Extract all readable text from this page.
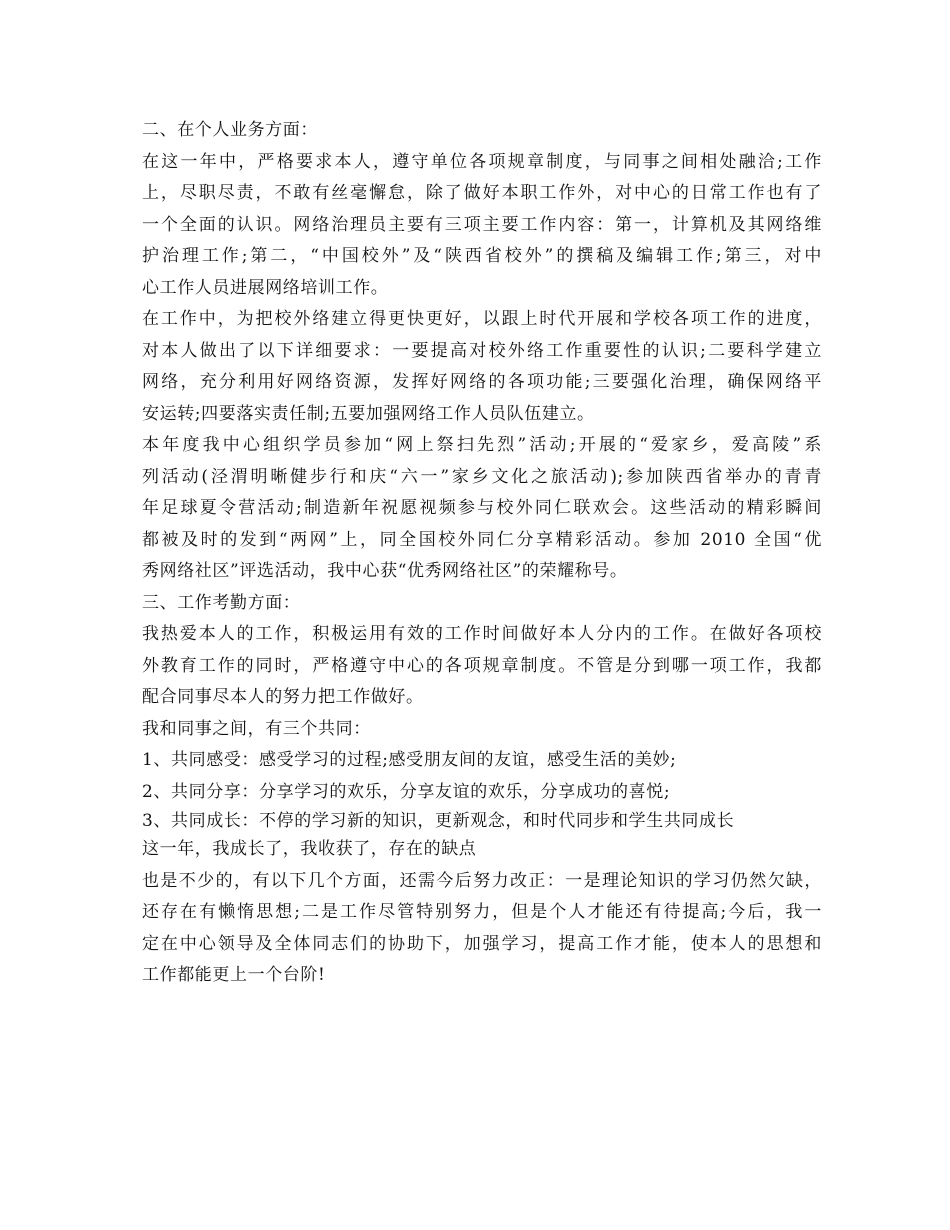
二、在个人业务方面：
在这一年中，严格要求本人，遵守单位各项规章制度，与同事之间相处融洽;工作
上，尽职尽责，不敢有丝毫懈怠，除了做好本职工作外，对中心的日常工作也有了
一个全面的认识。网络治理员主要有三项主要工作内容：第一，计算机及其网络维
护治理工作;第二，“中国校外”及“陕西省校外”的撰稿及编辑工作;第三，对中
心工作人员进展网络培训工作。
在工作中，为把校外络建立得更快更好，以跟上时代开展和学校各项工作的进度，
对本人做出了以下详细要求：一要提高对校外络工作重要性的认识;二要科学建立
网络，充分利用好网络资源，发挥好网络的各项功能;三要强化治理，确保网络平
安运转;四要落实责任制;五要加强网络工作人员队伍建立。
本年度我中心组织学员参加“网上祭扫先烈”活动;开展的“爱家乡，爱高陵”系
列活动(泾渭明晰健步行和庆“六一”家乡文化之旅活动);参加陕西省举办的青青
年足球夏令营活动;制造新年祝愿视频参与校外同仁联欢会。这些活动的精彩瞬间
都被及时的发到“两网”上，同全国校外同仁分享精彩活动。参加 2010 全国“优
秀网络社区”评选活动，我中心获“优秀网络社区”的荣耀称号。
三、工作考勤方面：
我热爱本人的工作，积极运用有效的工作时间做好本人分内的工作。在做好各项校
外教育工作的同时，严格遵守中心的各项规章制度。不管是分到哪一项工作，我都
配合同事尽本人的努力把工作做好。
我和同事之间，有三个共同：
1、共同感受：感受学习的过程;感受朋友间的友谊，感受生活的美妙;
2、共同分享：分享学习的欢乐，分享友谊的欢乐，分享成功的喜悦;
3、共同成长：不停的学习新的知识，更新观念，和时代同步和学生共同成长
这一年，我成长了，我收获了，存在的缺点
也是不少的，有以下几个方面，还需今后努力改正：一是理论知识的学习仍然欠缺，
还存在有懒惰思想;二是工作尽管特别努力，但是个人才能还有待提高;今后，我一
定在中心领导及全体同志们的协助下，加强学习，提高工作才能，使本人的思想和
工作都能更上一个台阶!
